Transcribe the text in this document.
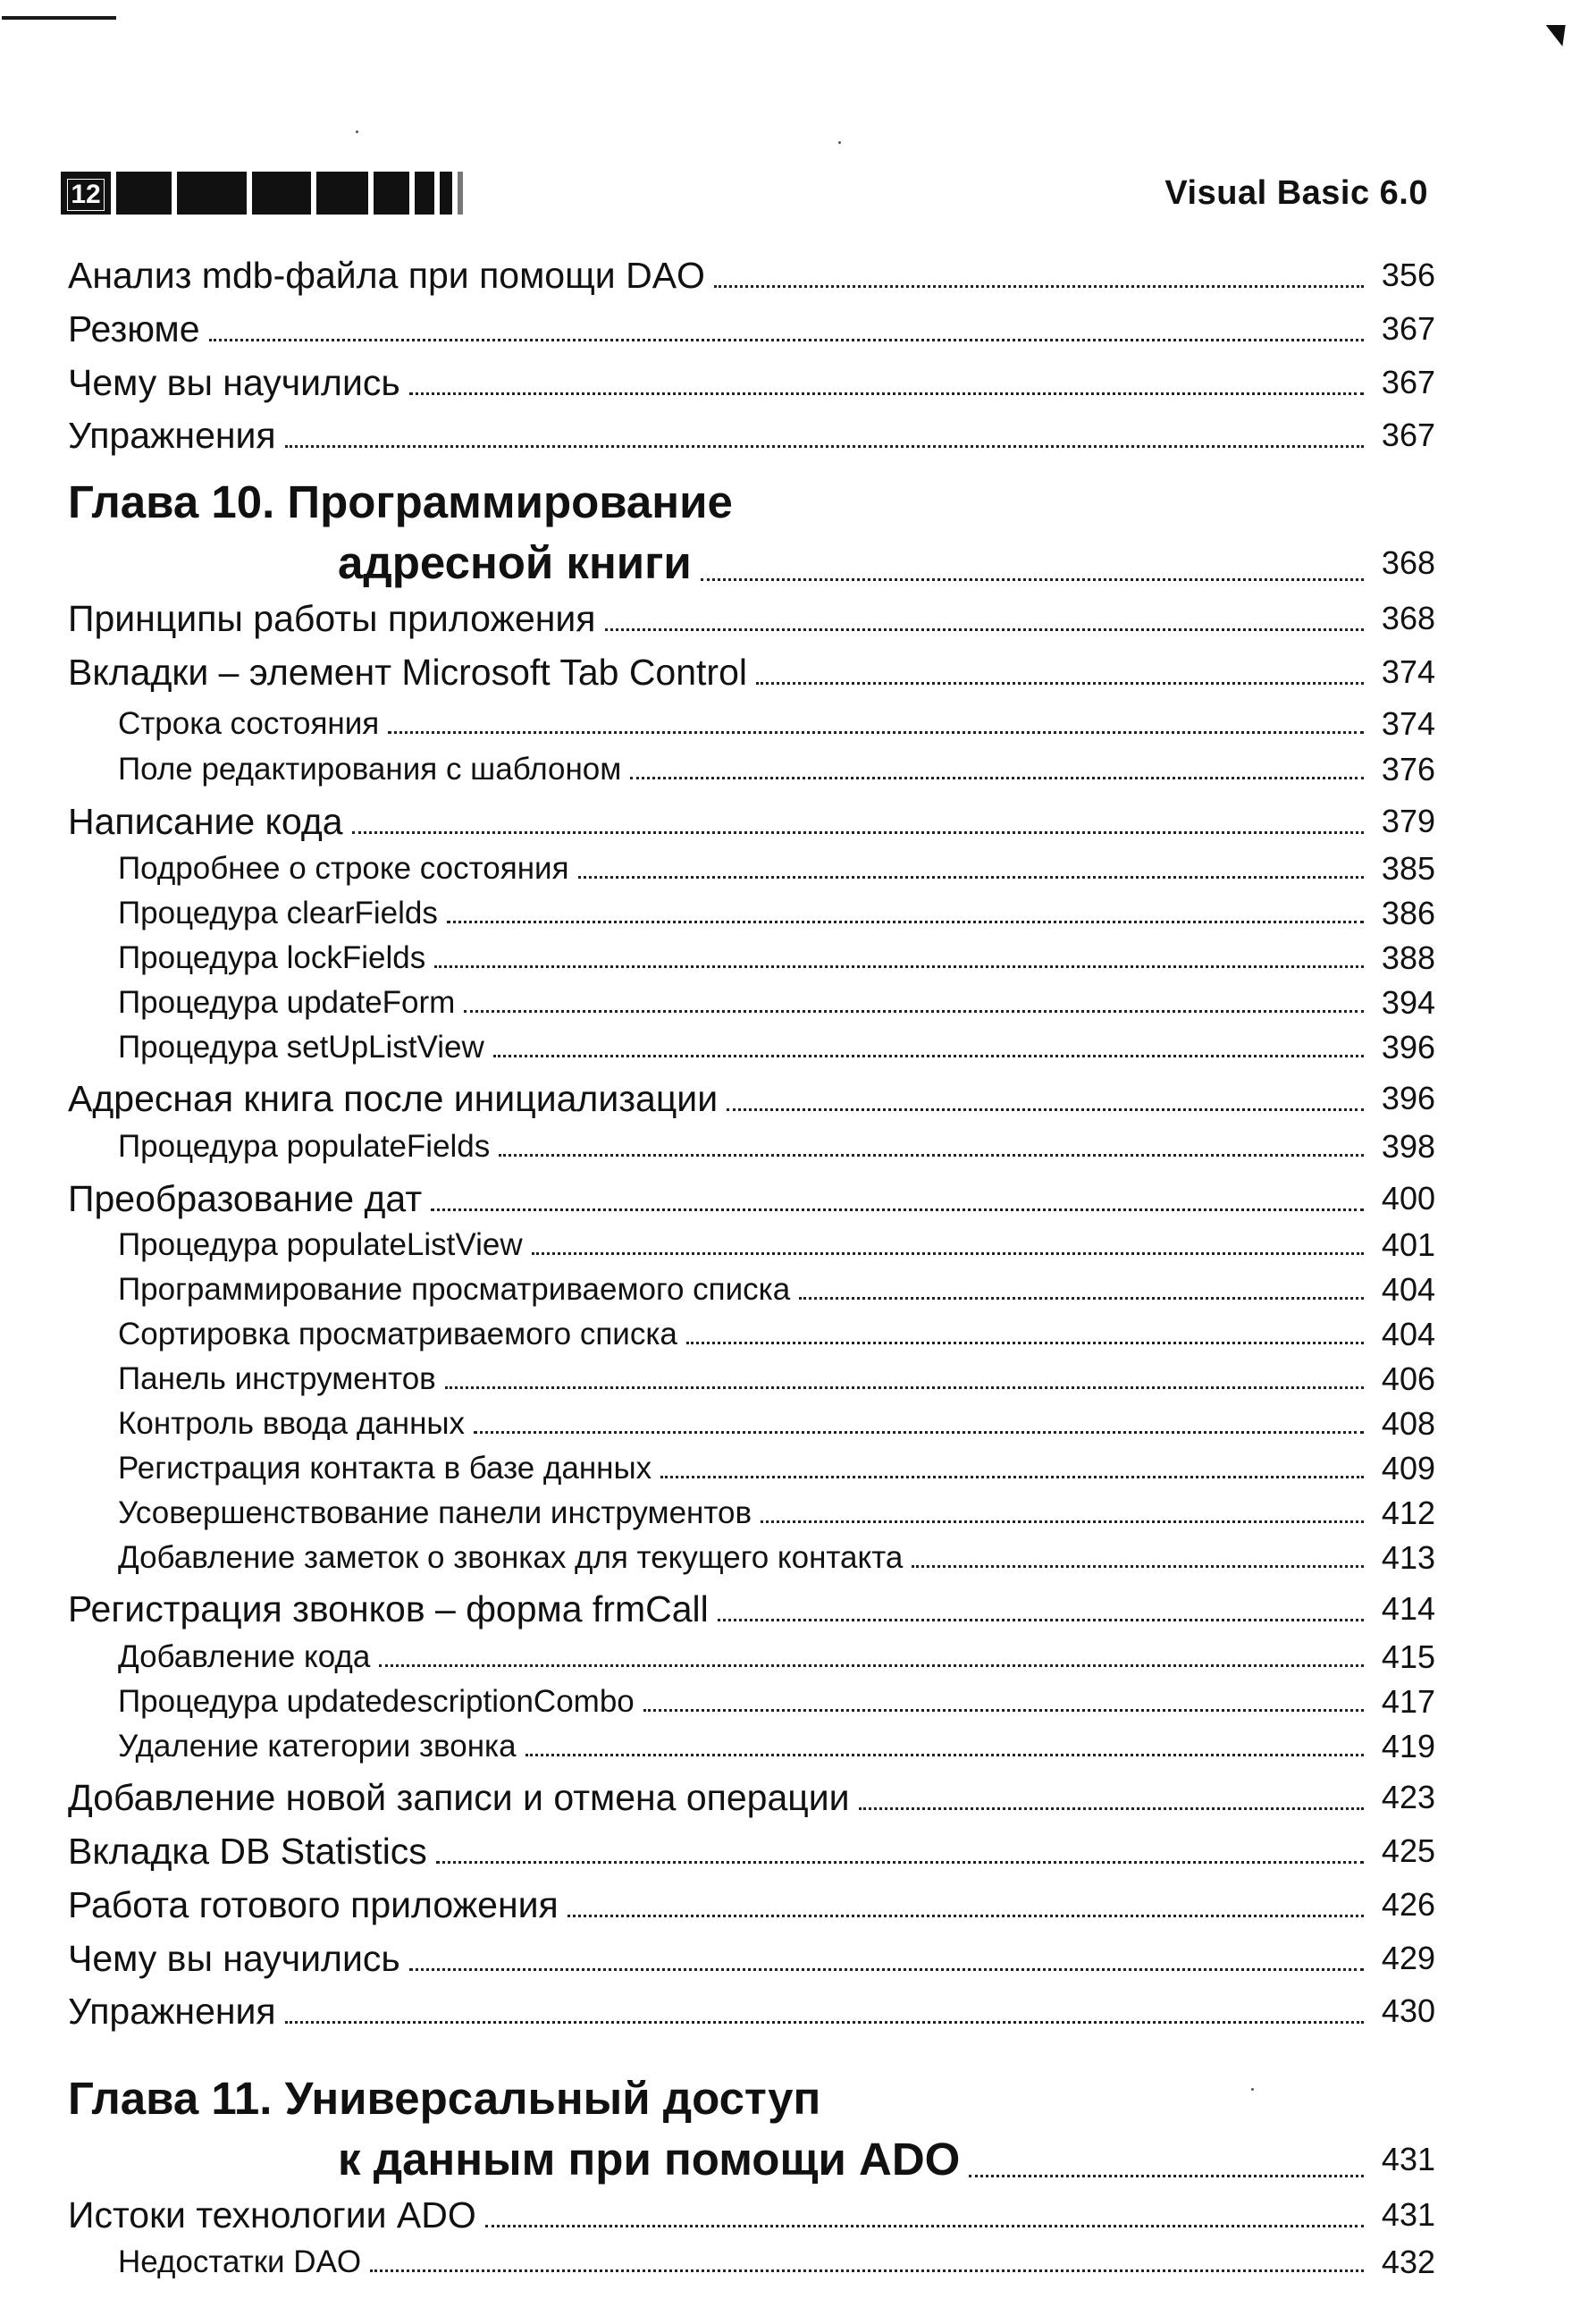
12	Visual Basic 6.0
Анализ mdb-файла при помощи DAO	356
Резюме	367
Чему вы научились	367
Упражнения	367
Глава 10. Программирование
адресной книги	368
Принципы работы приложения	368
Вкладки – элемент Microsoft Tab Control	374
Строка состояния	374
Поле редактирования с шаблоном	376
Написание кода	379
Подробнее о строке состояния	385
Процедура clearFields	386
Процедура lockFields	388
Процедура updateForm	394
Процедура setUpListView	396
Адресная книга после инициализации	396
Процедура populateFields	398
Преобразование дат	400
Процедура populateListView	401
Программирование просматриваемого списка	404
Сортировка просматриваемого списка	404
Панель инструментов	406
Контроль ввода данных	408
Регистрация контакта в базе данных	409
Усовершенствование панели инструментов	412
Добавление заметок о звонках для текущего контакта	413
Регистрация звонков – форма frmCall	414
Добавление кода	415
Процедура updatedescriptionCombo	417
Удаление категории звонка	419
Добавление новой записи и отмена операции	423
Вкладка DB Statistics	425
Работа готового приложения	426
Чему вы научились	429
Упражнения	430
Глава 11. Универсальный доступ
к данным при помощи ADO	431
Истоки технологии ADO	431
Недостатки DAO	432
